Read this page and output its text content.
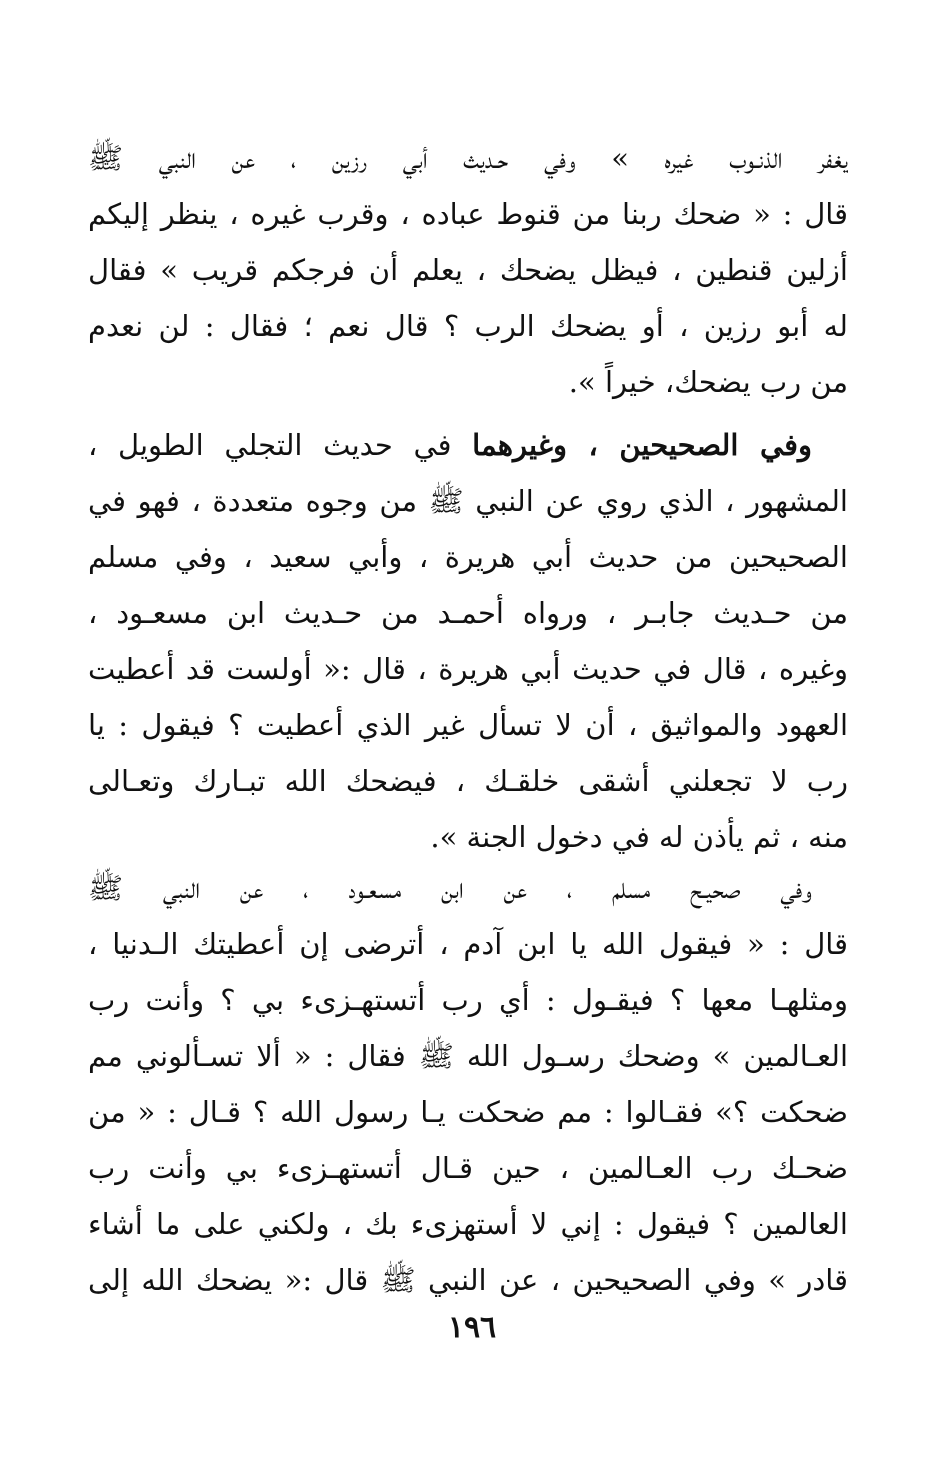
يغفر الذنـوب غيره » وفي حـديث أبي رزين ، عن النبي ﷺ
قال : « ضحك ربنا من قنوط عباده ، وقرب غيره ، ينظر إليكم
أزلين قنطين ، فيظل يضحك ، يعلم أن فرجكم قريب » فقال
له أبو رزين ، أو يضحك الرب ؟ قال نعم ؛ فقال : لن نعدم
من رب يضحك، خيراً ».
وفي الصحيحين ، وغيرهما في حديث التجلي الطويل ،
المشهور ، الذي روي عن النبي ﷺ من وجوه متعددة ، فهو في
الصحيحين من حديث أبي هريرة ، وأبي سعيد ، وفي مسلم
من حـديث جابـر ، ورواه أحمـد من حـديث ابن مسعـود ،
وغيره ، قال في حديث أبي هريرة ، قال :« أولست قد أعطيت
العهود والمواثيق ، أن لا تسأل غير الذي أعطيت ؟ فيقول : يا
رب لا تجعلني أشقى خلقـك ، فيضحك الله تبـارك وتعـالى
منه ، ثم يأذن له في دخول الجنة ».
وفي صحيـح مسلم ، عن ابن مسعـود ، عن النبي ﷺ
قال : « فيقول الله يا ابن آدم ، أترضى إن أعطيتك الـدنيا ،
ومثلهـا معها ؟ فيقـول : أي رب أتستهـزىء بي ؟ وأنت رب
العـالمين » وضحك رسـول الله ﷺ فقال : « ألا تسـألوني مم
ضحكت ؟» فقـالوا : مم ضحكت يـا رسول الله ؟ قـال : « من
ضحـك رب العـالمين ، حين قـال أتستهـزىء بي وأنت رب
العالمين ؟ فيقول : إني لا أستهزىء بك ، ولكني على ما أشاء
قادر » وفي الصحيحين ، عن النبي ﷺ قال :« يضحك الله إلى
١٩٦
